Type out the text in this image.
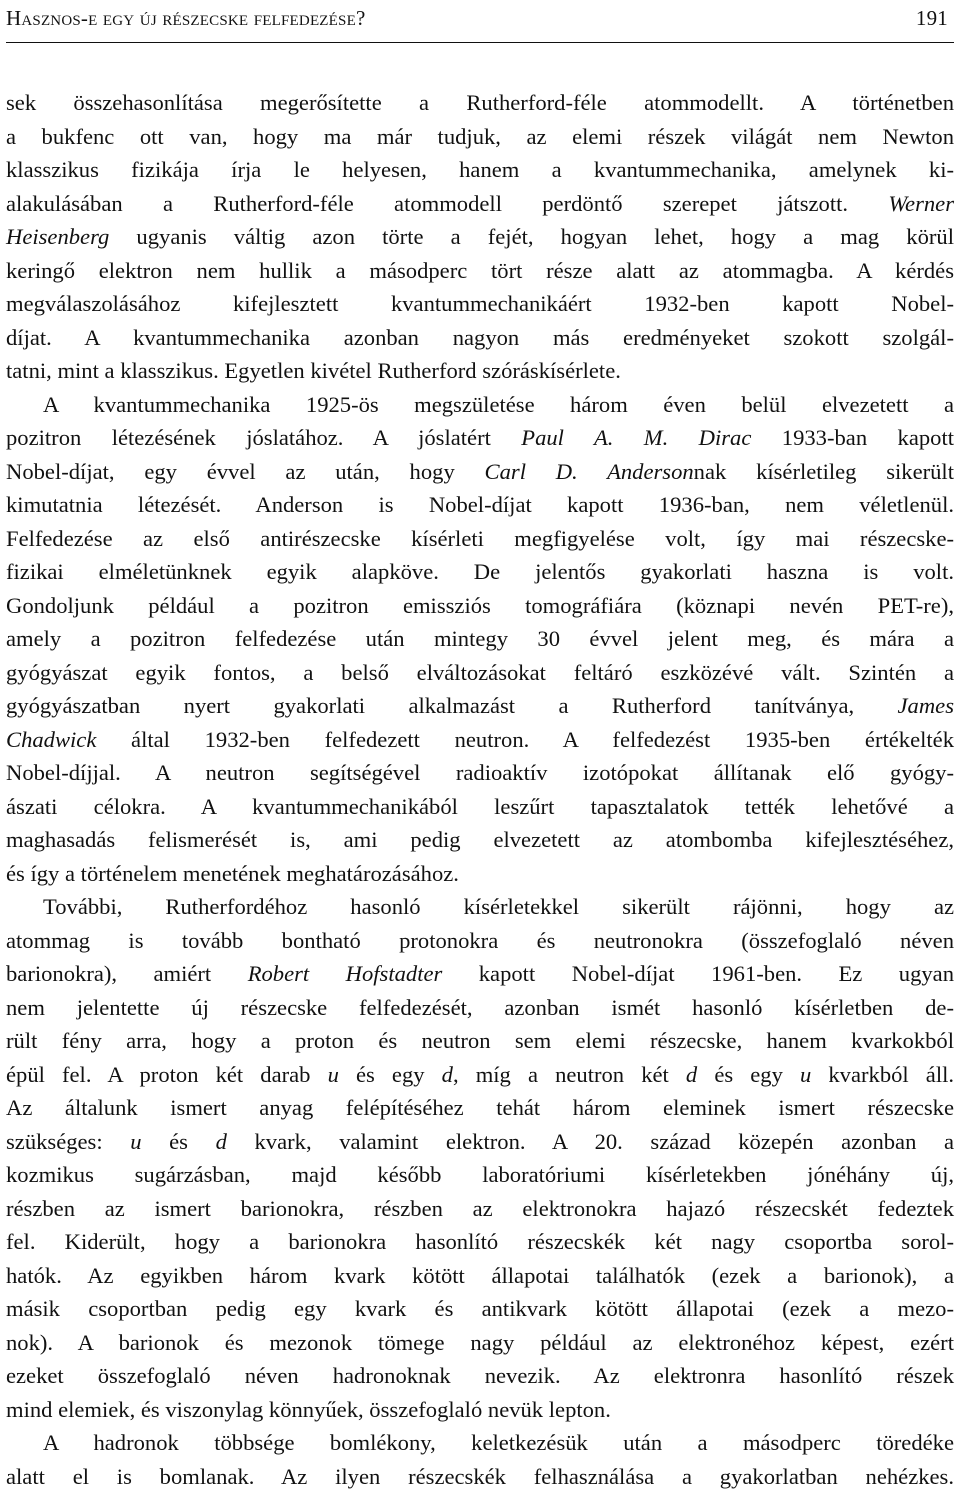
Hasznos-e egy új részecske felfedezése?	191
sek összehasonlítása megerősítette a Rutherford-féle atommodellt. A történetben
a bukfenc ott van, hogy ma már tudjuk, az elemi részek világát nem Newton
klasszikus fizikája írja le helyesen, hanem a kvantummechanika, amelynek ki-
alakulásában a Rutherford-féle atommodell perdöntő szerepet játszott. Werner
Heisenberg ugyanis váltig azon törte a fejét, hogyan lehet, hogy a mag körül
keringő elektron nem hullik a másodperc tört része alatt az atommagba. A kérdés
megválaszolásához kifejlesztett kvantummechanikáért 1932-ben kapott Nobel-
díjat. A kvantummechanika azonban nagyon más eredményeket szokott szolgál-
tatni, mint a klasszikus. Egyetlen kivétel Rutherford szóráskísérlete.
A kvantummechanika 1925-ös megszületése három éven belül elvezetett a
pozitron létezésének jóslatához. A jóslatért Paul A. M. Dirac 1933-ban kapott
Nobel-díjat, egy évvel az után, hogy Carl D. Andersonnak kísérletileg sikerült
kimutatnia létezését. Anderson is Nobel-díjat kapott 1936-ban, nem véletlenül.
Felfedezése az első antirészecske kísérleti megfigyelése volt, így mai részecske-
fizikai elméletünknek egyik alapköve. De jelentős gyakorlati haszna is volt.
Gondoljunk például a pozitron emissziós tomográfiára (köznapi nevén PET-re),
amely a pozitron felfedezése után mintegy 30 évvel jelent meg, és mára a
gyógyászat egyik fontos, a belső elváltozásokat feltáró eszközévé vált. Szintén a
gyógyászatban nyert gyakorlati alkalmazást a Rutherford tanítványa, James
Chadwick által 1932-ben felfedezett neutron. A felfedezést 1935-ben értékelték
Nobel-díjjal. A neutron segítségével radioaktív izotópokat állítanak elő gyógy-
ászati célokra. A kvantummechanikából leszűrt tapasztalatok tették lehetővé a
maghasadás felismerését is, ami pedig elvezetett az atombomba kifejlesztéséhez,
és így a történelem menetének meghatározásához.
További, Rutherfordéhoz hasonló kísérletekkel sikerült rájönni, hogy az
atommag is tovább bontható protonokra és neutronokra (összefoglaló néven
barionokra), amiért Robert Hofstadter kapott Nobel-díjat 1961-ben. Ez ugyan
nem jelentette új részecske felfedezését, azonban ismét hasonló kísérletben de-
rült fény arra, hogy a proton és neutron sem elemi részecske, hanem kvarkokból
épül fel. A proton két darab u és egy d, míg a neutron két d és egy u kvarkból áll.
Az általunk ismert anyag felépítéséhez tehát három eleminek ismert részecske
szükséges: u és d kvark, valamint elektron. A 20. század közepén azonban a
kozmikus sugárzásban, majd később laboratóriumi kísérletekben jónéhány új,
részben az ismert barionokra, részben az elektronokra hajazó részecskét fedeztek
fel. Kiderült, hogy a barionokra hasonlító részecskék két nagy csoportba sorol-
hatók. Az egyikben három kvark kötött állapotai találhatók (ezek a barionok), a
másik csoportban pedig egy kvark és antikvark kötött állapotai (ezek a mezo-
nok). A barionok és mezonok tömege nagy például az elektronéhoz képest, ezért
ezeket összefoglaló néven hadronoknak nevezik. Az elektronra hasonlító részek
mind elemiek, és viszonylag könnyűek, összefoglaló nevük lepton.
A hadronok többsége bomlékony, keletkezésük után a másodperc töredéke
alatt el is bomlanak. Az ilyen részecskék felhasználása a gyakorlatban nehézkes.
